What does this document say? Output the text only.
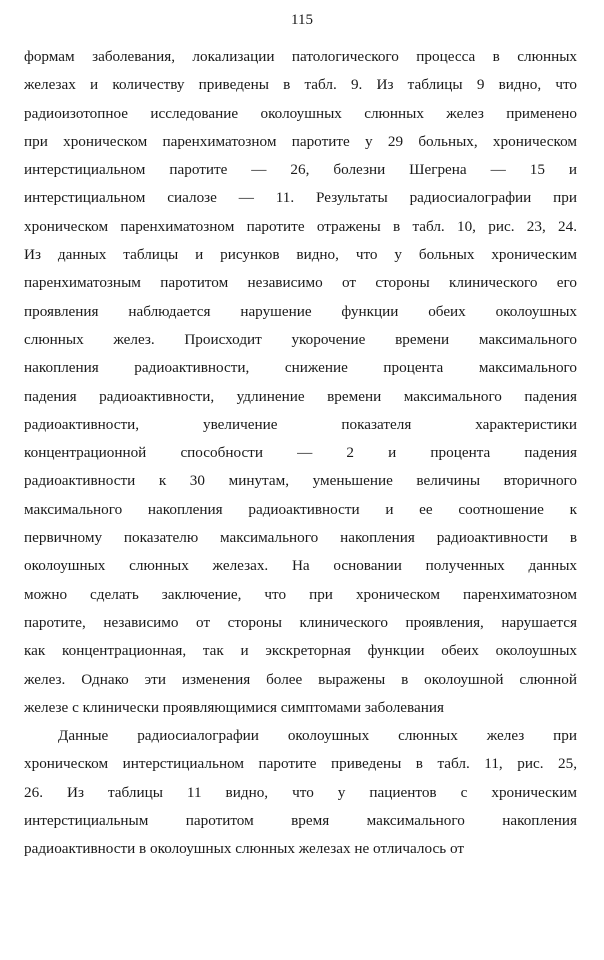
115
формам заболевания, локализации патологического процесса в слюнных
железах и количеству приведены в табл. 9. Из таблицы 9 видно, что
радиоизотопное исследование околоушных слюнных желез применено
при хроническом паренхиматозном паротите у 29 больных, хроническом
интерстициальном паротите — 26, болезни Шегрена — 15 и
интерстициальном сиалозе — 11. Результаты радиосиалографии при
хроническом паренхиматозном паротите отражены в табл. 10, рис. 23, 24.
Из данных таблицы и рисунков видно, что у больных хроническим
паренхиматозным паротитом независимо от стороны клинического его
проявления наблюдается нарушение функции обеих околоушных
слюнных желез. Происходит укорочение времени максимального
накопления радиоактивности, снижение процента максимального
падения радиоактивности, удлинение времени максимального падения
радиоактивности, увеличение показателя характеристики
концентрационной способности — 2 и процента падения
радиоактивности к 30 минутам, уменьшение величины вторичного
максимального накопления радиоактивности и ее соотношение к
первичному показателю максимального накопления радиоактивности в
околоушных слюнных железах. На основании полученных данных
можно сделать заключение, что при хроническом паренхиматозном
паротите, независимо от стороны клинического проявления, нарушается
как концентрационная, так и экскреторная функции обеих околоушных
желез. Однако эти изменения более выражены в околоушной слюнной
железе с клинически проявляющимися симптомами заболевания
Данные радиосиалографии околоушных слюнных желез при
хроническом интерстициальном паротите приведены в табл. 11, рис. 25,
26. Из таблицы 11 видно, что у пациентов с хроническим
интерстициальным паротитом время максимального накопления
радиоактивности в околоушных слюнных железах не отличалось от
